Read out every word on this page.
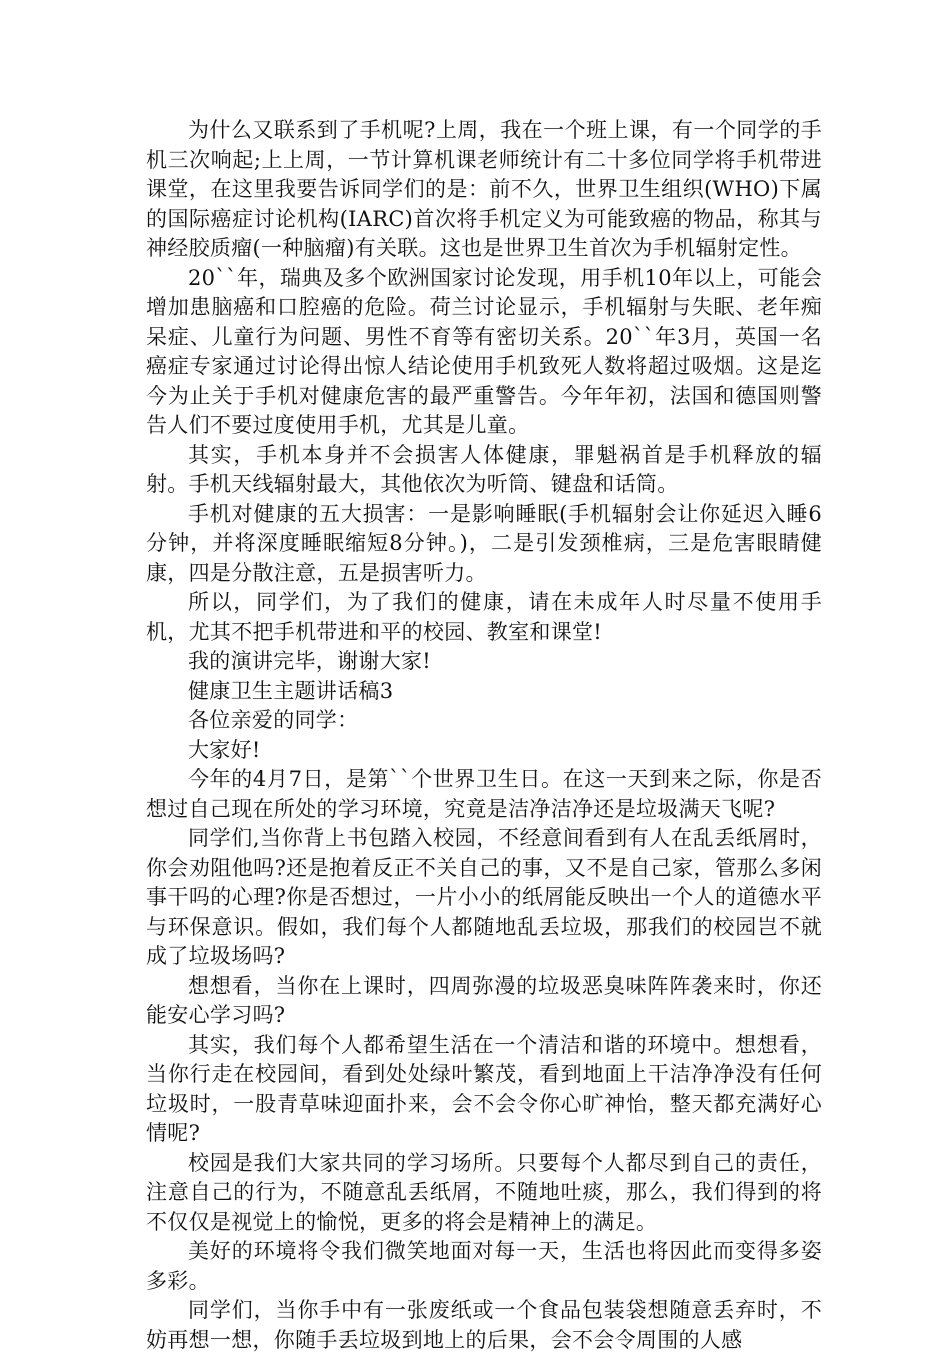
为什么又联系到了手机呢?上周，我在一个班上课，有一个同学的手机三次响起;上上周，一节计算机课老师统计有二十多位同学将手机带进课堂，在这里我要告诉同学们的是：前不久，世界卫生组织(WHO)下属的国际癌症讨论机构(IARC)首次将手机定义为可能致癌的物品，称其与神经胶质瘤(一种脑瘤)有关联。这也是世界卫生首次为手机辐射定性。

20``年，瑞典及多个欧洲国家讨论发现，用手机10年以上，可能会增加患脑癌和口腔癌的危险。荷兰讨论显示，手机辐射与失眠、老年痴呆症、儿童行为问题、男性不育等有密切关系。20``年3月，英国一名癌症专家通过讨论得出惊人结论使用手机致死人数将超过吸烟。这是迄今为止关于手机对健康危害的最严重警告。今年年初，法国和德国则警告人们不要过度使用手机，尤其是儿童。

其实，手机本身并不会损害人体健康，罪魁祸首是手机释放的辐射。手机天线辐射最大，其他依次为听筒、键盘和话筒。

手机对健康的五大损害：一是影响睡眠(手机辐射会让你延迟入睡6分钟，并将深度睡眠缩短8分钟。)，二是引发颈椎病，三是危害眼睛健康，四是分散注意，五是损害听力。

所以，同学们，为了我们的健康，请在未成年人时尽量不使用手机，尤其不把手机带进和平的校园、教室和课堂!

我的演讲完毕，谢谢大家!

健康卫生主题讲话稿3

各位亲爱的同学：

大家好!

今年的4月7日，是第``个世界卫生日。在这一天到来之际，你是否想过自己现在所处的学习环境，究竟是洁净洁净还是垃圾满天飞呢?

同学们,当你背上书包踏入校园，不经意间看到有人在乱丢纸屑时，你会劝阻他吗?还是抱着反正不关自己的事，又不是自己家，管那么多闲事干吗的心理?你是否想过，一片小小的纸屑能反映出一个人的道德水平与环保意识。假如，我们每个人都随地乱丢垃圾，那我们的校园岂不就成了垃圾场吗?

想想看，当你在上课时，四周弥漫的垃圾恶臭味阵阵袭来时，你还能安心学习吗?

其实，我们每个人都希望生活在一个清洁和谐的环境中。想想看，当你行走在校园间，看到处处绿叶繁茂，看到地面上干洁净净没有任何垃圾时，一股青草味迎面扑来，会不会令你心旷神怡，整天都充满好心情呢?

校园是我们大家共同的学习场所。只要每个人都尽到自己的责任，注意自己的行为，不随意乱丢纸屑，不随地吐痰，那么，我们得到的将不仅仅是视觉上的愉悦，更多的将会是精神上的满足。

美好的环境将令我们微笑地面对每一天，生活也将因此而变得多姿多彩。

同学们，当你手中有一张废纸或一个食品包装袋想随意丢弃时，不妨再想一想，你随手丢垃圾到地上的后果，会不会令周围的人感
